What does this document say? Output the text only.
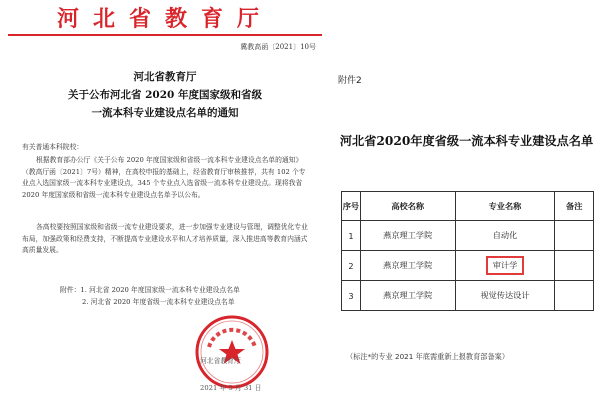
河北省教育厅
冀教高函〔2021〕10号
河北省教育厅
关于公布河北省 2020 年度国家级和省级
一流本科专业建设点名单的通知
有关普通本科院校：

根据教育部办公厅《关于公布 2020 年度国家级和省级一流本科专业建设点名单的通知》（教高厅函〔2021〕7号）精神，在高校申报的基础上，经省教育厅审核推荐，共有 102 个专业点入选国家级一流本科专业建设点，345 个专业点入选省级一流本科专业建设点。现将我省 2020 年度国家级和省级一流本科专业建设点名单予以公布。

各高校要按照国家级和省级一流专业建设要求，进一步加强专业建设与管理，调整优化专业布局，加强政策和经费支持，不断提高专业建设水平和人才培养质量，深入推进高等教育内涵式高质量发展。

附件：1. 河北省 2020 年度国家级一流本科专业建设点名单
2. 河北省 2020 年度省级一流本科专业建设点名单
河北省教育厅
2021 年 3 月 31 日
附件2
河北省2020年度省级一流本科专业建设点名单
序号	高校名称	专业名称	备注
1	燕京理工学院	自动化	
2	燕京理工学院	审计学	
3	燕京理工学院	视觉传达设计	
（标注*的专业 2021 年底需重新上报教育部备案）
